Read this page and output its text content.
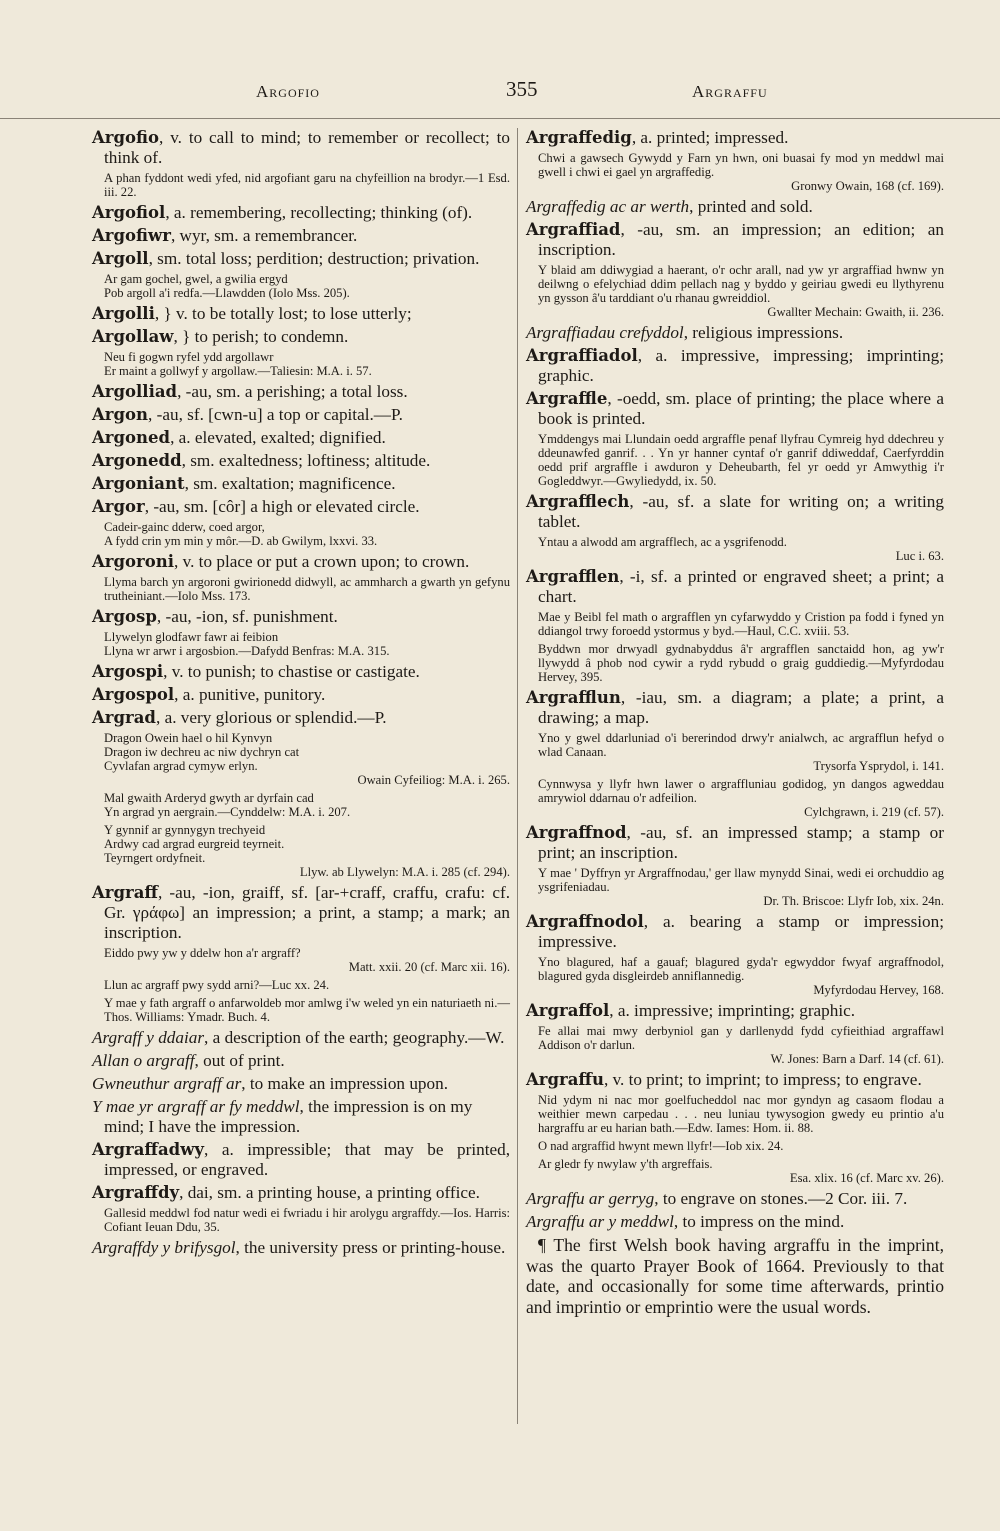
Argofio	355	Argraffu
Argofio, v. to call to mind; to remember or recollect; to think of.
A phan fyddont wedi yfed, nid argofiant garu na chyfeillion na brodyr.—1 Esd. iii. 22.
Argofiol, a. remembering, recollecting; thinking (of).
Argofiwr, wyr, sm. a remembrancer.
Argoll, sm. total loss; perdition; destruction; privation.
Ar gam gochel, gwel, a gwilia ergyd
Pob argoll a'i redfa.—Llawdden (Iolo Mss. 205).
Argolli, } v. to be totally lost; to lose utterly;
Argollaw, } to perish; to condemn.
Neu fi gogwn ryfel ydd argollawr
Er maint a gollwyf y argollaw.—Taliesin: M.A. i. 57.
Argolliad, -au, sm. a perishing; a total loss.
Argon, -au, sf. [cwn-u] a top or capital.—P.
Argoned, a. elevated, exalted; dignified.
Argonedd, sm. exaltedness; loftiness; altitude.
Argoniant, sm. exaltation; magnificence.
Argor, -au, sm. [côr] a high or elevated circle.
Cadeir-gainc dderw, coed argor,
A fydd crin ym min y môr.—D. ab Gwilym, lxxvi. 33.
Argoroni, v. to place or put a crown upon; to crown.
Llyma barch yn argoroni gwirionedd didwyll, ac ammharch a gwarth yn gefynu trutheiniant.—Iolo Mss. 173.
Argosp, -au, -ion, sf. punishment.
Llywelyn glodfawr fawr ai feibion
Llyna wr arwr i argosbion.—Dafydd Benfras: M.A. 315.
Argospi, v. to punish; to chastise or castigate.
Argospol, a. punitive, punitory.
Argrad, a. very glorious or splendid.—P.
Dragon Owein hael o hil Kynvyn
Dragon iw dechreu ac niw dychryn cat
Cyvlafan argrad cymyw erlyn.
Owain Cyfeiliog: M.A. i. 265.
Mal gwaith Arderyd gwyth ar dyrfain cad
Yn argrad yn aergrain.—Cynddelw: M.A. i. 207.
Y gynnif ar gynnygyn trechyeid
Ardwy cad argrad eurgreid teyrneit.
Teyrngert ordyfneit.
Llyw. ab Llywelyn: M.A. i. 285 (cf. 294).
Argraff, -au, -ion, graiff, sf. [ar-+craff, craffu, crafu: cf. Gr. γράφω] an impression; a print, a stamp; a mark; an inscription.
Eiddo pwy yw y ddelw hon a'r argraff?
Matt. xxii. 20 (cf. Marc xii. 16).
Llun ac argraff pwy sydd arni?—Luc xx. 24.
Y mae y fath argraff o anfarwoldeb mor amlwg i'w weled yn ein naturiaeth ni.—Thos. Williams: Ymadr. Buch. 4.
Argraff y ddaiar, a description of the earth; geography.—W.
Allan o argraff, out of print.
Gwneuthur argraff ar, to make an impression upon.
Y mae yr argraff ar fy meddwl, the impression is on my mind; I have the impression.
Argraffadwy, a. impressible; that may be printed, impressed, or engraved.
Argraffdy, dai, sm. a printing house, a printing office.
Gallesid meddwl fod natur wedi ei fwriadu i hir arolygu argraffdy.—Ios. Harris: Cofiant Ieuan Ddu, 35.
Argraffdy y brifysgol, the university press or printing-house.
Argraffedig, a. printed; impressed.
Chwi a gawsech Gywydd y Farn yn hwn, oni buasai fy mod yn meddwl mai gwell i chwi ei gael yn argraffedig.
Gronwy Owain, 168 (cf. 169).
Argraffedig ac ar werth, printed and sold.
Argraffiad, -au, sm. an impression; an edition; an inscription.
Y blaid am ddiwygiad a haerant, o'r ochr arall, nad yw yr argraffiad hwnw yn deilwng o efelychiad ddim pellach nag y byddo y geiriau gwedi eu llythyrenu yn gysson â'u tarddiant o'u rhanau gwreiddiol.
Gwallter Mechain: Gwaith, ii. 236.
Argraffiadau crefyddol, religious impressions.
Argraffiadol, a. impressive, impressing; imprinting; graphic.
Argraffle, -oedd, sm. place of printing; the place where a book is printed.
Ymddengys mai Llundain oedd argraffle penaf llyfrau Cymreig hyd ddechreu y ddeunawfed ganrif. . . Yn yr hanner cyntaf o'r ganrif ddiweddaf, Caerfyrddin oedd prif argraffle i awduron y Deheubarth, fel yr oedd yr Amwythig i'r Gogleddwyr.—Gwyliedydd, ix. 50.
Argrafflech, -au, sf. a slate for writing on; a writing tablet.
Yntau a alwodd am argrafflech, ac a ysgrifenodd.
Luc i. 63.
Argrafflen, -i, sf. a printed or engraved sheet; a print; a chart.
Mae y Beibl fel math o argrafflen yn cyfarwyddo y Cristion pa fodd i fyned yn ddiangol trwy foroedd ystormus y byd.—Haul, C.C. xviii. 53.
Byddwn mor drwyadl gydnabyddus â'r argrafflen sanctaidd hon, ag yw'r llywydd â phob nod cywir a rydd rybudd o graig guddiedig.—Myfyrdodau Hervey, 395.
Argrafflun, -iau, sm. a diagram; a plate; a print, a drawing; a map.
Yno y gwel ddarluniad o'i bererindod drwy'r anialwch, ac argrafflun hefyd o wlad Canaan.
Trysorfa Ysprydol, i. 141.
Cynnwysa y llyfr hwn lawer o argraffluniau godidog, yn dangos agweddau amrywiol ddarnau o'r adfeilion.
Cylchgrawn, i. 219 (cf. 57).
Argraffnod, -au, sf. an impressed stamp; a stamp or print; an inscription.
Y mae ' Dyffryn yr Argraffnodau,' ger llaw mynydd Sinai, wedi ei orchuddio ag ysgrifeniadau.
Dr. Th. Briscoe: Llyfr Iob, xix. 24n.
Argraffnodol, a. bearing a stamp or impression; impressive.
Yno blagured, haf a gauaf; blagured gyda'r egwyddor fwyaf argraffnodol, blagured gyda disgleirdeb anniflannedig.
Myfyrdodau Hervey, 168.
Argraffol, a. impressive; imprinting; graphic.
Fe allai mai mwy derbyniol gan y darllenydd fydd cyfieithiad argraffawl Addison o'r darlun.
W. Jones: Barn a Darf. 14 (cf. 61).
Argraffu, v. to print; to imprint; to impress; to engrave.
Nid ydym ni nac mor goelfucheddol nac mor gyndyn ag casaom flodau a weithier mewn carpedau . . . neu luniau tywysogion gwedy eu printio a'u hargraffu ar eu harian bath.—Edw. Iames: Hom. ii. 88.
O nad argraffid hwynt mewn llyfr!—Iob xix. 24.
Ar gledr fy nwylaw y'th argreffais.
Esa. xlix. 16 (cf. Marc xv. 26).
Argraffu ar gerryg, to engrave on stones.—2 Cor. iii. 7.
Argraffu ar y meddwl, to impress on the mind.
¶ The first Welsh book having argraffu in the imprint, was the quarto Prayer Book of 1664. Previously to that date, and occasionally for some time afterwards, printio and imprintio or emprintio were the usual words.
